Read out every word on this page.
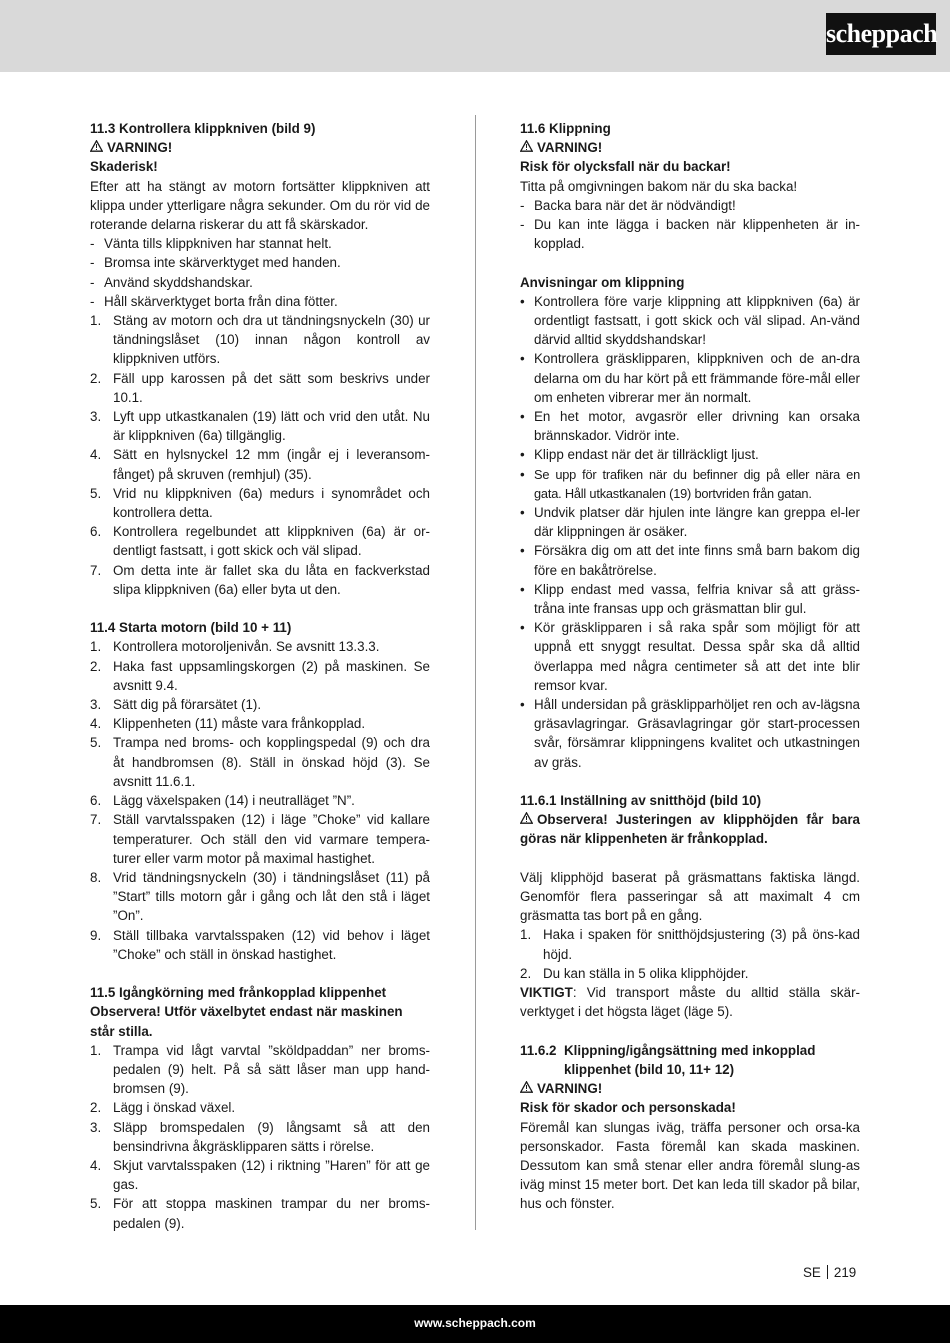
scheppach

11.3 Kontrollera klippkniven (bild 9)

VARNING!

Skaderisk!

Efter att ha stängt av motorn fortsätter klippkniven att klippa under ytterligare några sekunder. Om du rör vid de roterande delarna riskerar du att få skärskador.

- Vänta tills klippkniven har stannat helt.
- Bromsa inte skärverktyget med handen.
- Använd skyddshandskar.
- Håll skärverktyget borta från dina fötter.
1. Stäng av motorn och dra ut tändningsnyckeln (30) ur tändningslåset (10) innan någon kontroll av klippkniven utförs.
2. Fäll upp karossen på det sätt som beskrivs under 10.1.
3. Lyft upp utkastkanalen (19) lätt och vrid den utåt. Nu är klippkniven (6a) tillgänglig.
4. Sätt en hylsnyckel 12 mm (ingår ej i leveransom-fånget) på skruven (remhjul) (35).
5. Vrid nu klippkniven (6a) medurs i synområdet och kontrollera detta.
6. Kontrollera regelbundet att klippkniven (6a) är or-dentligt fastsatt, i gott skick och väl slipad.
7. Om detta inte är fallet ska du låta en fackverkstad slipa klippkniven (6a) eller byta ut den.

11.4 Starta motorn (bild 10 + 11)

1. Kontrollera motoroljenivån. Se avsnitt 13.3.3.
2. Haka fast uppsamlingskorgen (2) på maskinen. Se avsnitt 9.4.
3. Sätt dig på förarsätet (1).
4. Klippenheten (11) måste vara frånkopplad.
5. Trampa ned broms- och kopplingspedal (9) och dra åt handbromsen (8). Ställ in önskad höjd (3). Se avsnitt 11.6.1.
6. Lägg växelspaken (14) i neutralläget ”N”.
7. Ställ varvtalsspaken (12) i läge ”Choke” vid kallare temperaturer. Och ställ den vid varmare tempera-turer eller varm motor på maximal hastighet.
8. Vrid tändningsnyckeln (30) i tändningslåset (11) på ”Start” tills motorn går i gång och låt den stå i läget ”On”.
9. Ställ tillbaka varvtalsspaken (12) vid behov i läget ”Choke” och ställ in önskad hastighet.

11.5 Igångkörning med frånkopplad klippenhet

Observera! Utför växelbytet endast när maskinen står stilla.

1. Trampa vid lågt varvtal ”sköldpaddan” ner broms-pedalen (9) helt. På så sätt låser man upp hand-bromsen (9).
2. Lägg i önskad växel.
3. Släpp bromspedalen (9) långsamt så att den bensindrivna åkgräsklipparen sätts i rörelse.
4. Skjut varvtalsspaken (12) i riktning ”Haren” för att ge gas.
5. För att stoppa maskinen trampar du ner broms-pedalen (9).

11.6 Klippning

VARNING!

Risk för olycksfall när du backar!

Titta på omgivningen bakom när du ska backa!

- Backa bara när det är nödvändigt!
- Du kan inte lägga i backen när klippenheten är in-kopplad.

Anvisningar om klippning

• Kontrollera före varje klippning att klippkniven (6a) är ordentligt fastsatt, i gott skick och väl slipad. An-vänd därvid alltid skyddshandskar!
• Kontrollera gräsklipparen, klippkniven och de an-dra delarna om du har kört på ett främmande före-mål eller om enheten vibrerar mer än normalt.
• En het motor, avgasrör eller drivning kan orsaka brännskador. Vidrör inte.
• Klipp endast när det är tillräckligt ljust.
• Se upp för trafiken när du befinner dig på eller nära en gata. Håll utkastkanalen (19) bortvriden från gatan.
• Undvik platser där hjulen inte längre kan greppa el-ler där klippningen är osäker.
• Försäkra dig om att det inte finns små barn bakom dig före en bakåtrörelse.
• Klipp endast med vassa, felfria knivar så att gräss-tråna inte fransas upp och gräsmattan blir gul.
• Kör gräsklipparen i så raka spår som möjligt för att uppnå ett snyggt resultat. Dessa spår ska då alltid överlappa med några centimeter så att det inte blir remsor kvar.
• Håll undersidan på gräsklipparhöljet ren och av-lägsna gräsavlagringar. Gräsavlagringar gör start-processen svår, försämrar klippningens kvalitet och utkastningen av gräs.

11.6.1 Inställning av snitthöjd (bild 10)

Observera! Justeringen av klipphöjden får bara göras när klippenheten är frånkopplad.

Välj klipphöjd baserat på gräsmattans faktiska längd. Genomför flera passeringar så att maximalt 4 cm gräsmatta tas bort på en gång.

1. Haka i spaken för snitthöjdsjustering (3) på öns-kad höjd.
2. Du kan ställa in 5 olika klipphöjder.

VIKTIGT: Vid transport måste du alltid ställa skär-verktyget i det högsta läget (läge 5).

11.6.2 Klippning/igångsättning med inkopplad
klippenhet (bild 10, 11+ 12)

VARNING!

Risk för skador och personskada!

Föremål kan slungas iväg, träffa personer och orsa-ka personskador. Fasta föremål kan skada maskinen. Dessutom kan små stenar eller andra föremål slung-as iväg minst 15 meter bort. Det kan leda till skador på bilar, hus och fönster.

SE 219
www.scheppach.com
